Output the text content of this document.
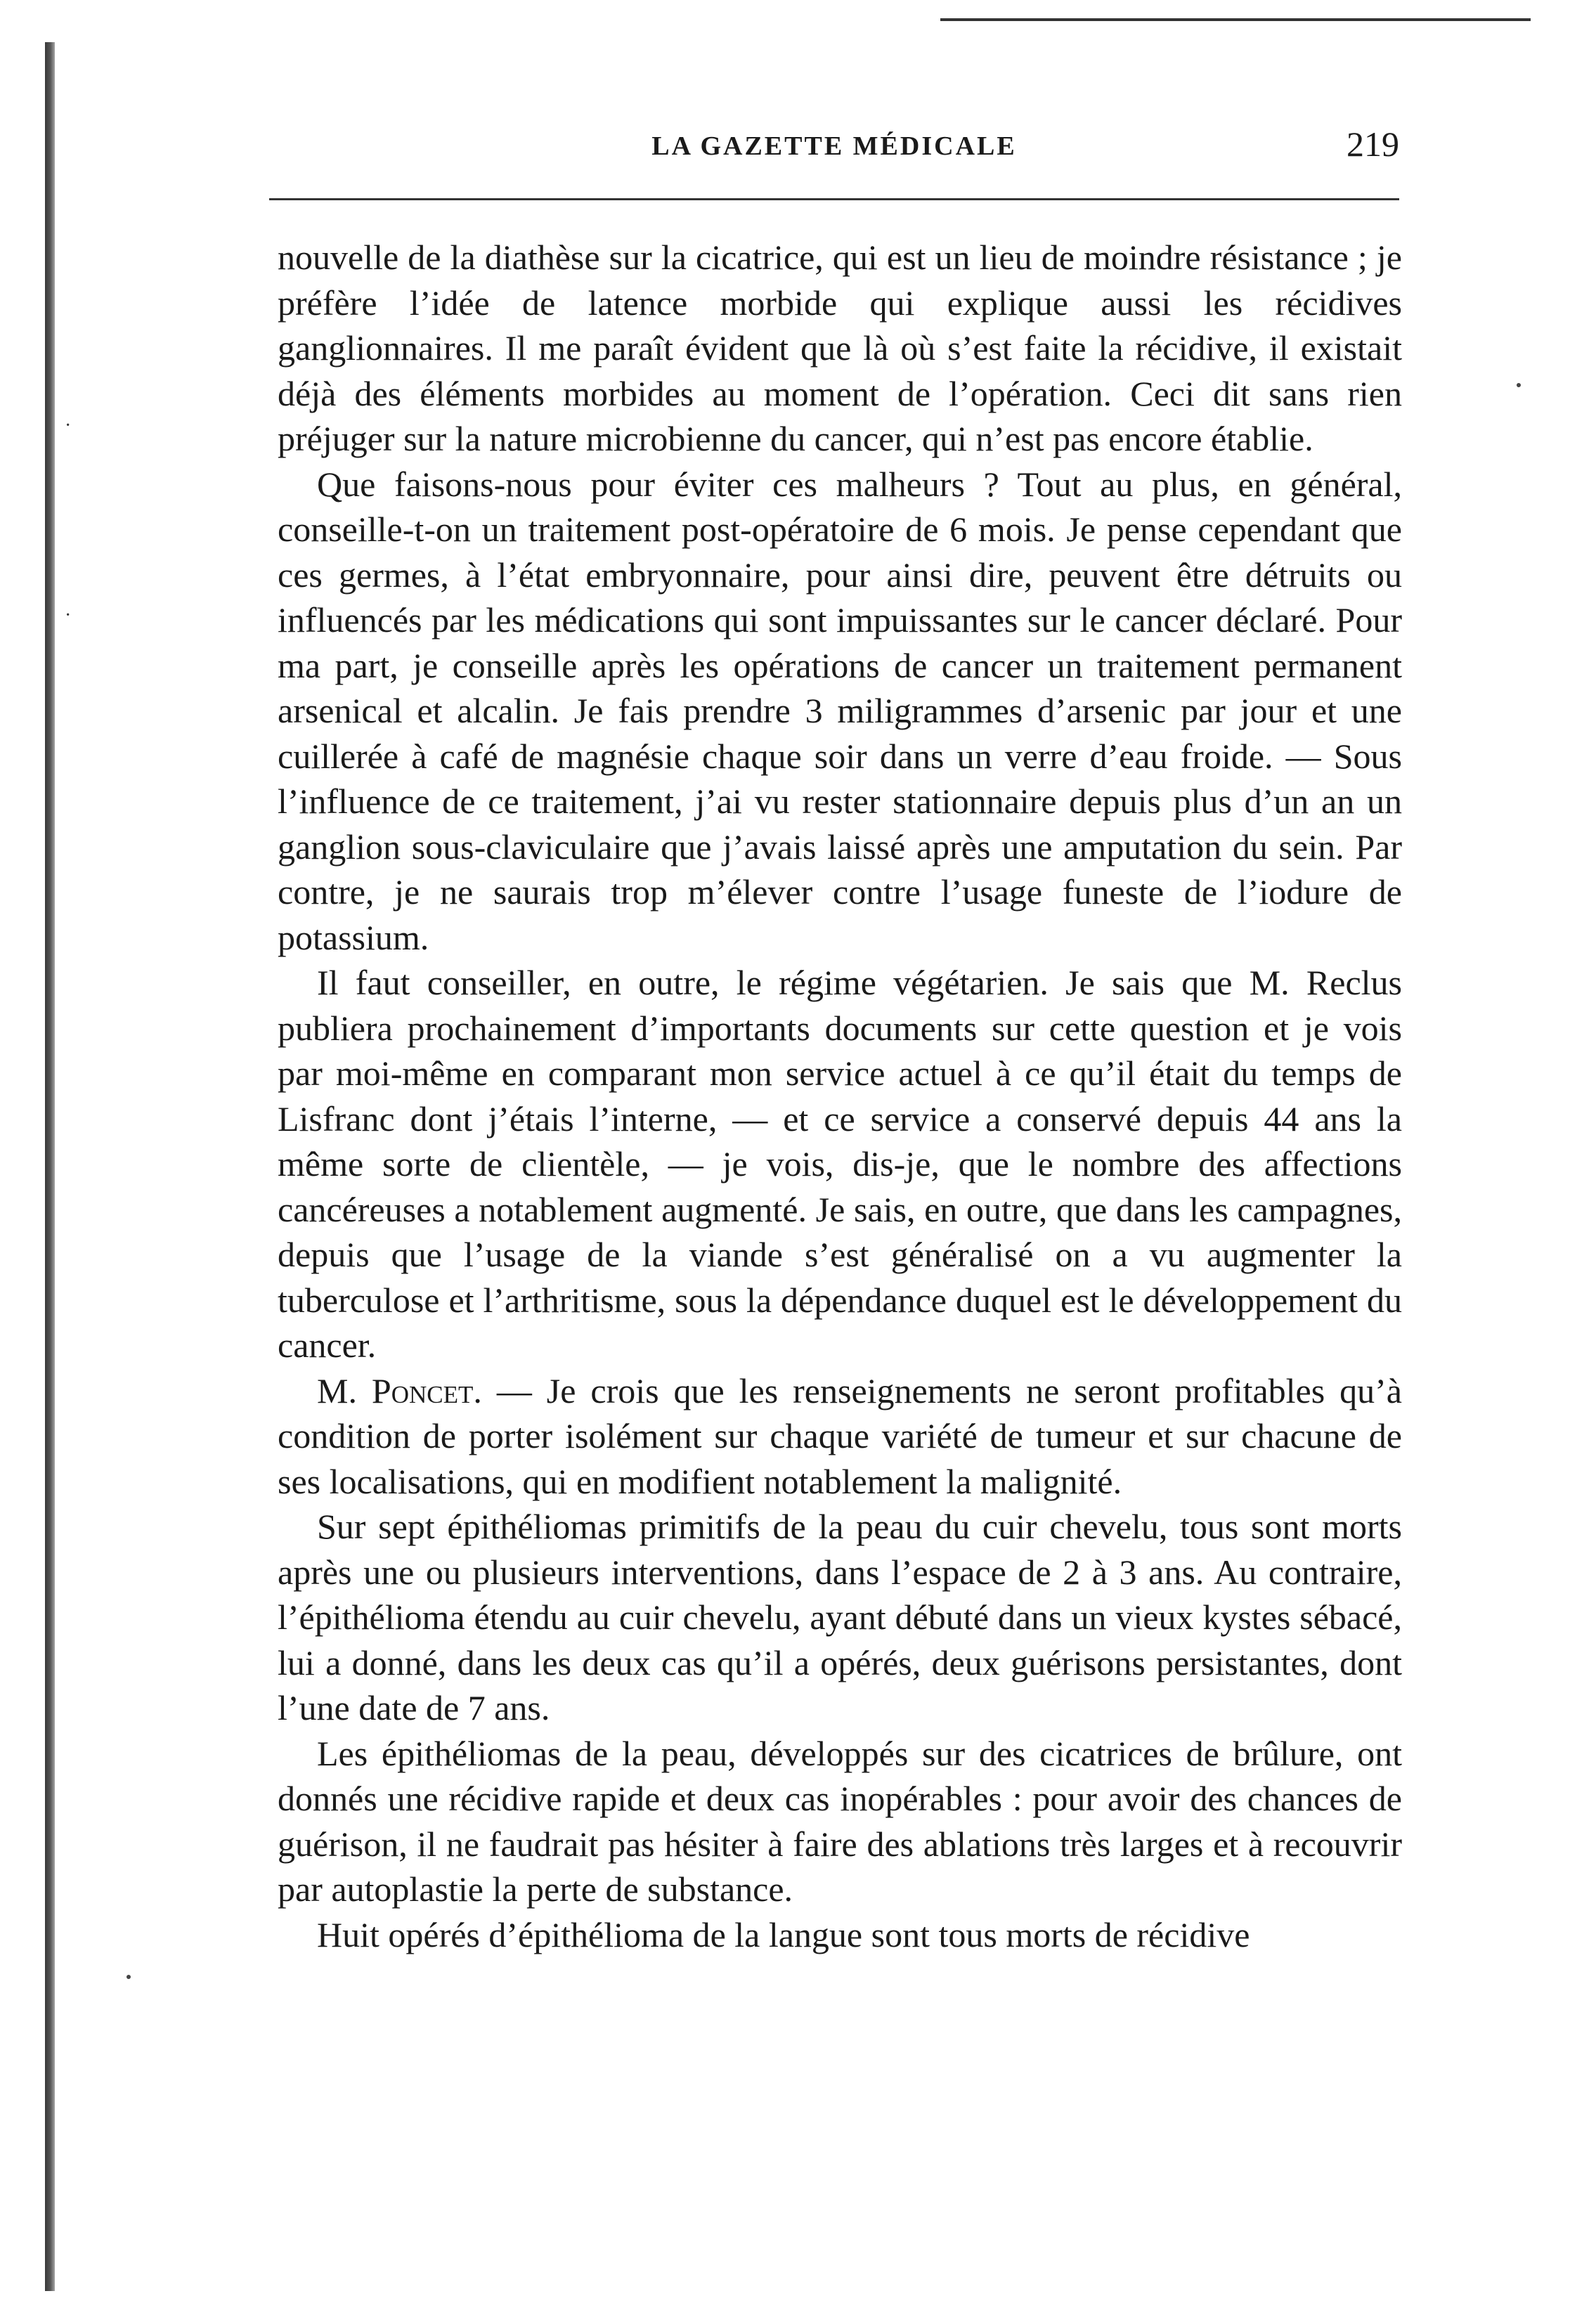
·
·
LA GAZETTE MÉDICALE	219

nouvelle de la diathèse sur la cicatrice, qui est un lieu de moindre résistance ; je préfère l’idée de latence morbide qui explique aussi les récidives ganglionnaires. Il me paraît évident que là où s’est faite la récidive, il existait déjà des éléments morbides au moment de l’opération. Ceci dit sans rien préjuger sur la nature microbienne du cancer, qui n’est pas encore établie.

Que faisons-nous pour éviter ces malheurs ? Tout au plus, en général, conseille-t-on un traitement post-opératoire de 6 mois. Je pense cependant que ces germes, à l’état embryonnaire, pour ainsi dire, peuvent être détruits ou influencés par les médications qui sont impuissantes sur le cancer déclaré. Pour ma part, je conseille après les opérations de cancer un traitement permanent arsenical et alcalin. Je fais prendre 3 miligrammes d’arsenic par jour et une cuillerée à café de magnésie chaque soir dans un verre d’eau froide. — Sous l’influence de ce traitement, j’ai vu rester stationnaire depuis plus d’un an un ganglion sous-claviculaire que j’avais laissé après une amputation du sein. Par contre, je ne saurais trop m’élever contre l’usage funeste de l’iodure de potassium.

Il faut conseiller, en outre, le régime végétarien. Je sais que M. Reclus publiera prochainement d’importants documents sur cette question et je vois par moi-même en comparant mon service actuel à ce qu’il était du temps de Lisfranc dont j’étais l’interne, — et ce service a conservé depuis 44 ans la même sorte de clientèle, — je vois, dis-je, que le nombre des affections cancéreuses a notablement augmenté. Je sais, en outre, que dans les campagnes, depuis que l’usage de la viande s’est généralisé on a vu augmenter la tuberculose et l’arthritisme, sous la dépendance duquel est le développement du cancer.

M. Poncet. — Je crois que les renseignements ne seront profitables qu’à condition de porter isolément sur chaque variété de tumeur et sur chacune de ses localisations, qui en modifient notablement la malignité.

Sur sept épithéliomas primitifs de la peau du cuir chevelu, tous sont morts après une ou plusieurs interventions, dans l’espace de 2 à 3 ans. Au contraire, l’épithélioma étendu au cuir chevelu, ayant débuté dans un vieux kystes sébacé, lui a donné, dans les deux cas qu’il a opérés, deux guérisons persistantes, dont l’une date de 7 ans.

Les épithéliomas de la peau, développés sur des cicatrices de brûlure, ont donnés une récidive rapide et deux cas inopérables : pour avoir des chances de guérison, il ne faudrait pas hésiter à faire des ablations très larges et à recouvrir par autoplastie la perte de substance.

Huit opérés d’épithélioma de la langue sont tous morts de récidive
